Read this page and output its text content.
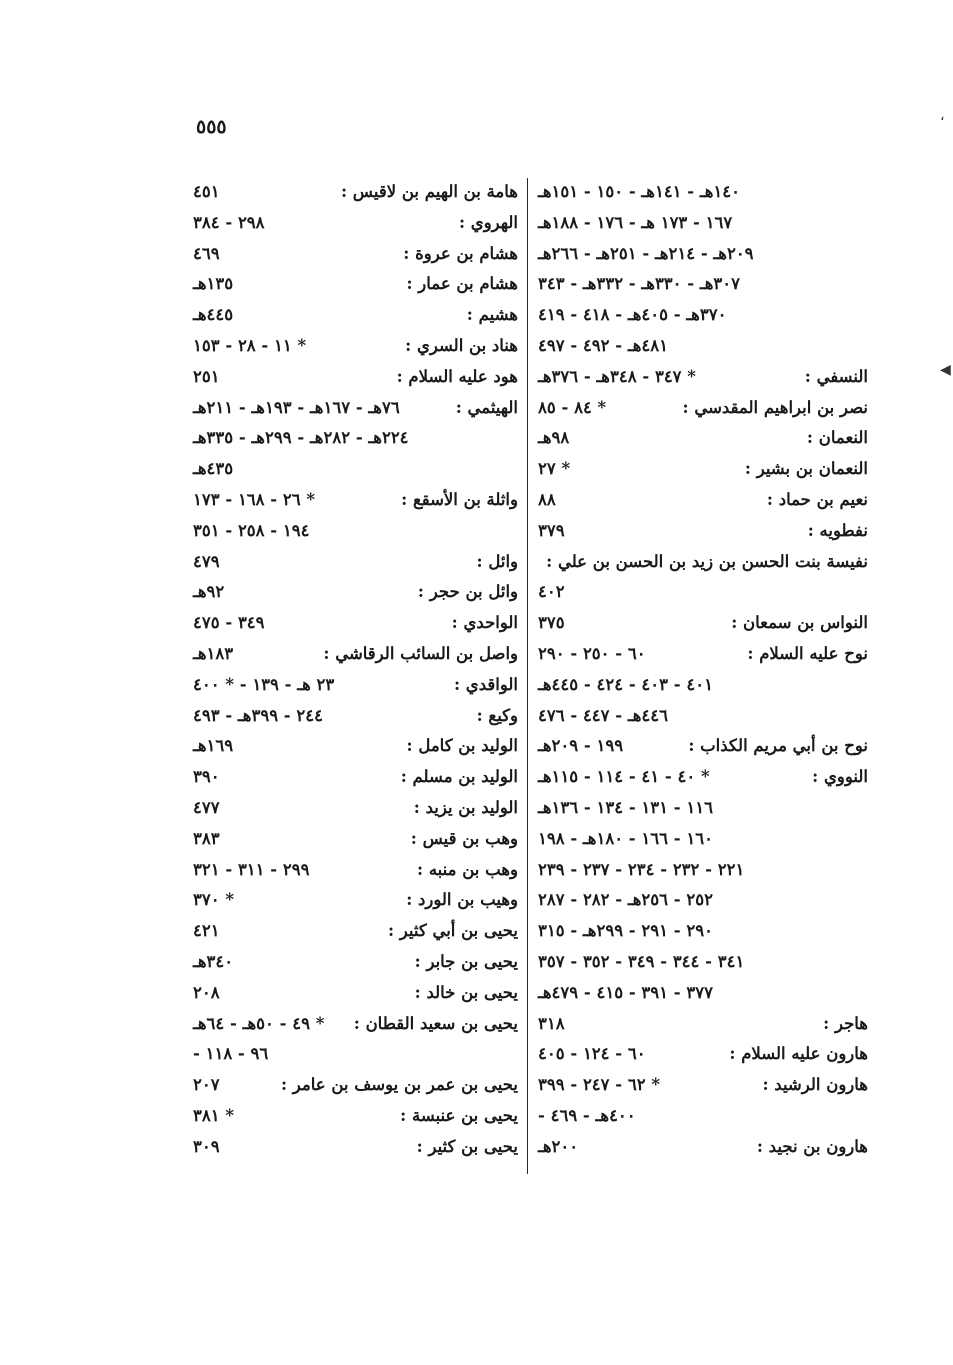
٥٥٥
١٤٠هـ - ١٤١هـ - ١٥٠ - ١٥١هـ
١٦٧ - ١٧٣ هـ - ١٧٦ - ١٨٨هـ
٢٠٩هـ - ٢١٤هـ - ٢٥١هـ - ٢٦٦هـ
٣٠٧هـ - ٣٣٠هـ - ٣٣٢هـ - ٣٤٣
٣٧٠هـ - ٤٠٥هـ - ٤١٨ - ٤١٩
٤٨١هـ - ٤٩٢ - ٤٩٧
النسفي :
* ٣٤٧ - ٣٤٨هـ - ٣٧٦هـ
نصر بن ابراهيم المقدسي :
* ٨٤ - ٨٥
النعمان :
٩٨هـ
النعمان بن بشير :
* ٢٧
نعيم بن حماد :
٨٨
نفطويه :
٣٧٩
نفيسة بنت الحسن بن زيد بن الحسن بن علي :
٤٠٢
النواس بن سمعان :
٣٧٥
نوح عليه السلام :
٦٠ - ٢٥٠ - ٢٩٠
٤٠١ - ٤٠٣ - ٤٢٤ - ٤٤٥هـ
٤٤٦هـ - ٤٤٧ - ٤٧٦
نوح بن أبي مريم الكذاب :
١٩٩ - ٢٠٩هـ
النووي :
* ٤٠ - ٤١ - ١١٤ - ١١٥هـ
١١٦ - ١٣١ - ١٣٤ - ١٣٦هـ
١٦٠ - ١٦٦ - ١٨٠هـ - ١٩٨
٢٢١ - ٢٣٢ - ٢٣٤ - ٢٣٧ - ٢٣٩
٢٥٢ - ٢٥٦هـ - ٢٨٢ - ٢٨٧
٢٩٠ - ٢٩١ - ٢٩٩هـ - ٣١٥
٣٤١ - ٣٤٤ - ٣٤٩ - ٣٥٢ - ٣٥٧
٣٧٧ - ٣٩١ - ٤١٥ - ٤٧٩هـ
هاجر :
٣١٨
هارون عليه السلام :
٦٠ - ١٢٤ - ٤٠٥
هارون الرشيد :
* ٦٢ - ٢٤٧ - ٣٩٩
٤٠٠هـ - ٤٦٩ -
هارون بن نجيد :
٢٠٠هـ
هامة بن الهيم بن لاقيس :
٤٥١
الهروي :
٢٩٨ - ٣٨٤
هشام بن عروة :
٤٦٩
هشام بن عمار :
١٣٥هـ
هشيم :
٤٤٥هـ
هناد بن السري :
* ١١ - ٢٨ - ١٥٣
هود عليه السلام :
٢٥١
الهيثمي :
٧٦هـ - ١٦٧هـ - ١٩٣هـ - ٢١١هـ
٢٢٤هـ - ٢٨٢هـ - ٢٩٩هـ - ٣٣٥هـ
٤٣٥هـ
واثلة بن الأسقع :
* ٢٦ - ١٦٨ - ١٧٣
١٩٤ - ٢٥٨ - ٣٥١
وائل :
٤٧٩
وائل بن حجر :
٩٢هـ
الواحدي :
٣٤٩ - ٤٧٥
واصل بن السائب الرقاشي :
١٨٣هـ
الواقدي :
٢٣ هـ - ١٣٩ - * ٤٠٠
وكيع :
٢٤٤ - ٣٩٩هـ - ٤٩٣
الوليد بن كامل :
١٦٩هـ
الوليد بن مسلم :
٣٩٠
الوليد بن يزيد :
٤٧٧
وهب بن قيس :
٣٨٣
وهب بن منبه :
٢٩٩ - ٣١١ - ٣٢١
وهيب بن الورد :
* ٣٧٠
يحيى بن أبي كثير :
٤٢١
يحيى بن جابر :
٣٤٠هـ
يحيى بن خالد :
٢٠٨
يحيى بن سعيد القطان :
* ٤٩ - ٥٠هـ - ٦٤هـ
٩٦ - ١١٨ -
يحيى بن عمر بن يوسف بن عامر :
٢٠٧
يحيى بن عنبسة :
* ٣٨١
يحيى بن كثير :
٣٠٩
،
◀
